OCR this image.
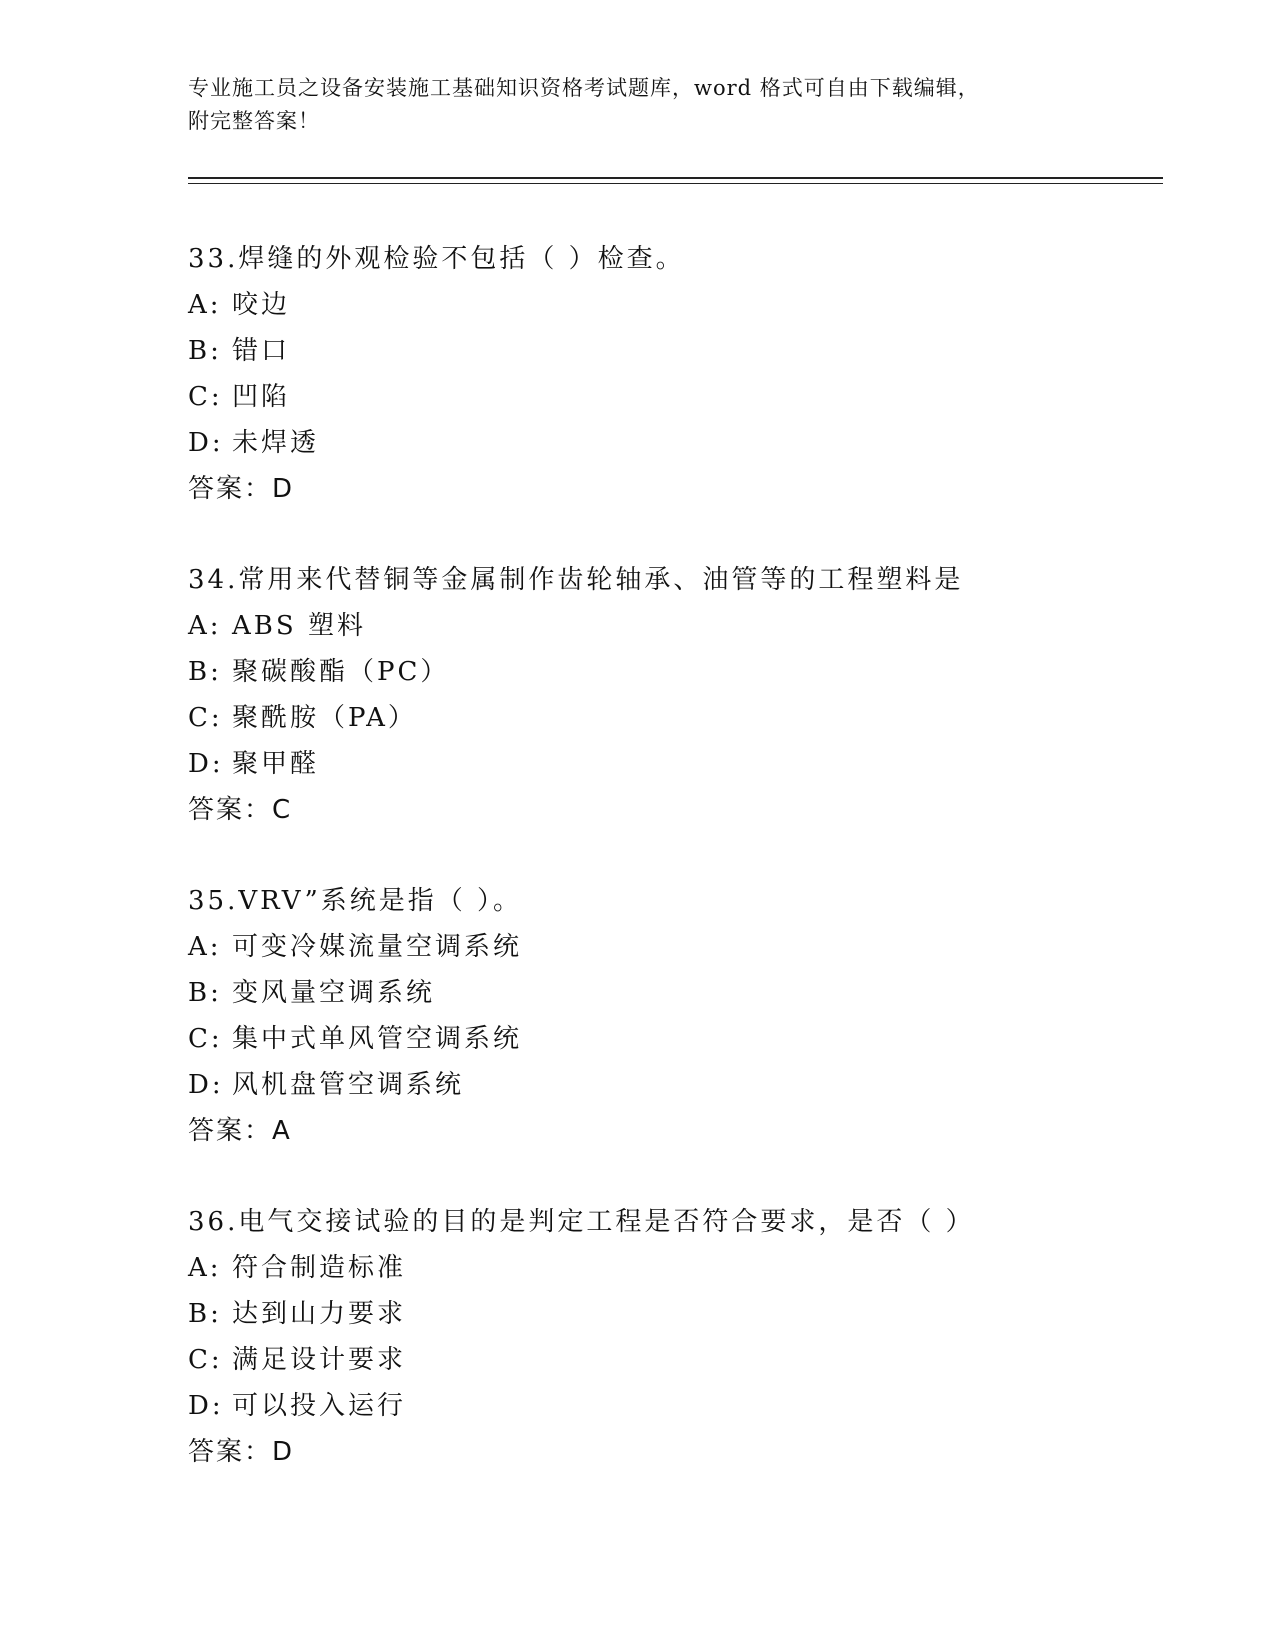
专业施工员之设备安装施工基础知识资格考试题库，word 格式可自由下载编辑，

附完整答案！

33.焊缝的外观检验不包括（ ）检查。
A: 咬边
B: 错口
C: 凹陷
D: 未焊透
答案：D
34.常用来代替铜等金属制作齿轮轴承、油管等的工程塑料是
A: ABS 塑料
B: 聚碳酸酯（PC）
C: 聚酰胺（PA）
D: 聚甲醛
答案：C
35.VRV”系统是指（ ）。
A: 可变冷媒流量空调系统
B: 变风量空调系统
C: 集中式单风管空调系统
D: 风机盘管空调系统
答案：A
36.电气交接试验的目的是判定工程是否符合要求，是否（ ）
A: 符合制造标准
B: 达到山力要求
C: 满足设计要求
D: 可以投入运行
答案：D
